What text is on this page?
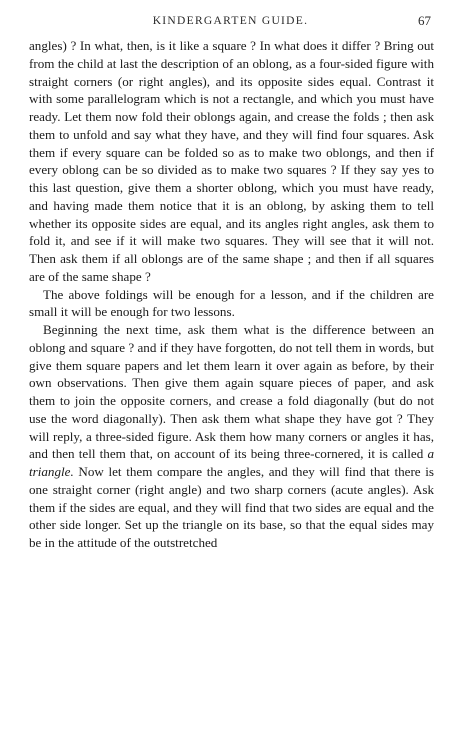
KINDERGARTEN GUIDE.	67

angles) ? In what, then, is it like a square ? In what does it differ ? Bring out from the child at last the description of an oblong, as a four-sided figure with straight corners (or right angles), and its opposite sides equal. Contrast it with some parallelogram which is not a rectangle, and which you must have ready. Let them now fold their oblongs again, and crease the folds ; then ask them to unfold and say what they have, and they will find four squares. Ask them if every square can be folded so as to make two oblongs, and then if every oblong can be so divided as to make two squares ? If they say yes to this last question, give them a shorter oblong, which you must have ready, and having made them notice that it is an oblong, by asking them to tell whether its opposite sides are equal, and its angles right angles, ask them to fold it, and see if it will make two squares. They will see that it will not. Then ask them if all oblongs are of the same shape ; and then if all squares are of the same shape ?

The above foldings will be enough for a lesson, and if the children are small it will be enough for two lessons.

Beginning the next time, ask them what is the difference between an oblong and square ? and if they have forgotten, do not tell them in words, but give them square papers and let them learn it over again as before, by their own observations. Then give them again square pieces of paper, and ask them to join the opposite corners, and crease a fold diagonally (but do not use the word diagonally). Then ask them what shape they have got ? They will reply, a three-sided figure. Ask them how many corners or angles it has, and then tell them that, on account of its being three-cornered, it is called a triangle. Now let them compare the angles, and they will find that there is one straight corner (right angle) and two sharp corners (acute angles). Ask them if the sides are equal, and they will find that two sides are equal and the other side longer. Set up the triangle on its base, so that the equal sides may be in the attitude of the outstretched
